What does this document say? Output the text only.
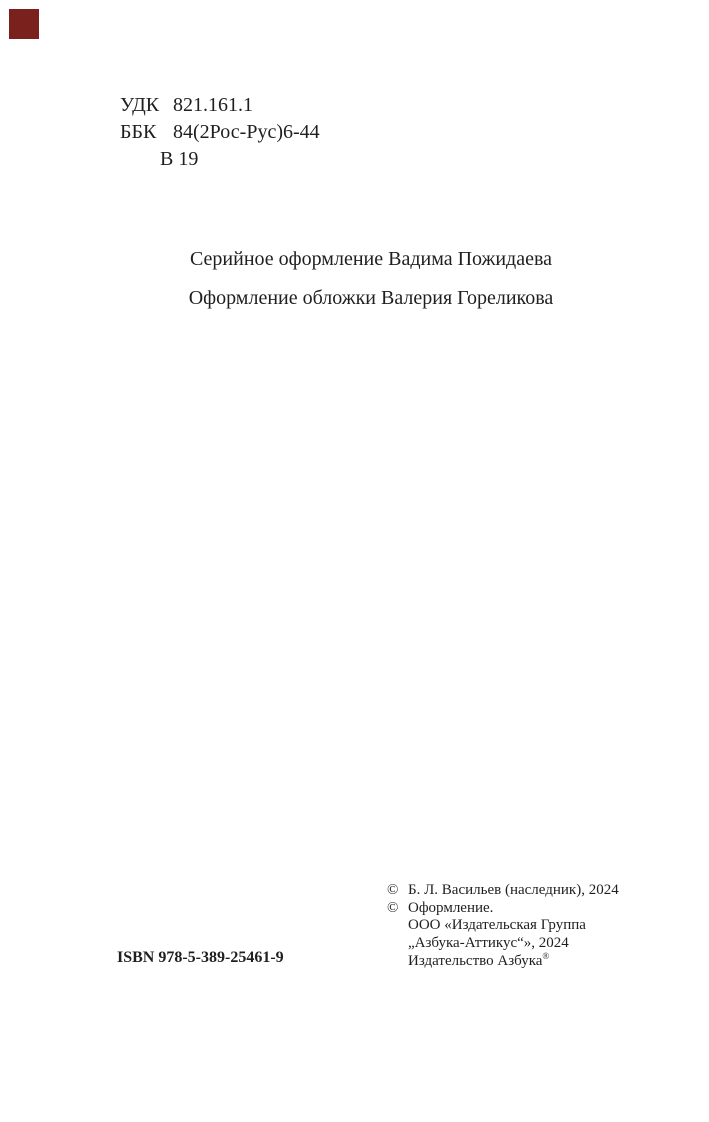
УДК 821.161.1
ББК 84(2Рос-Рус)6-44
В 19
Серийное оформление Вадима Пожидаева
Оформление обложки Валерия Гореликова
© Б. Л. Васильев (наследник), 2024
© Оформление.
ООО «Издательская Группа
„Азбука-Аттикус“», 2024
Издательство Азбука®
ISBN 978-5-389-25461-9
